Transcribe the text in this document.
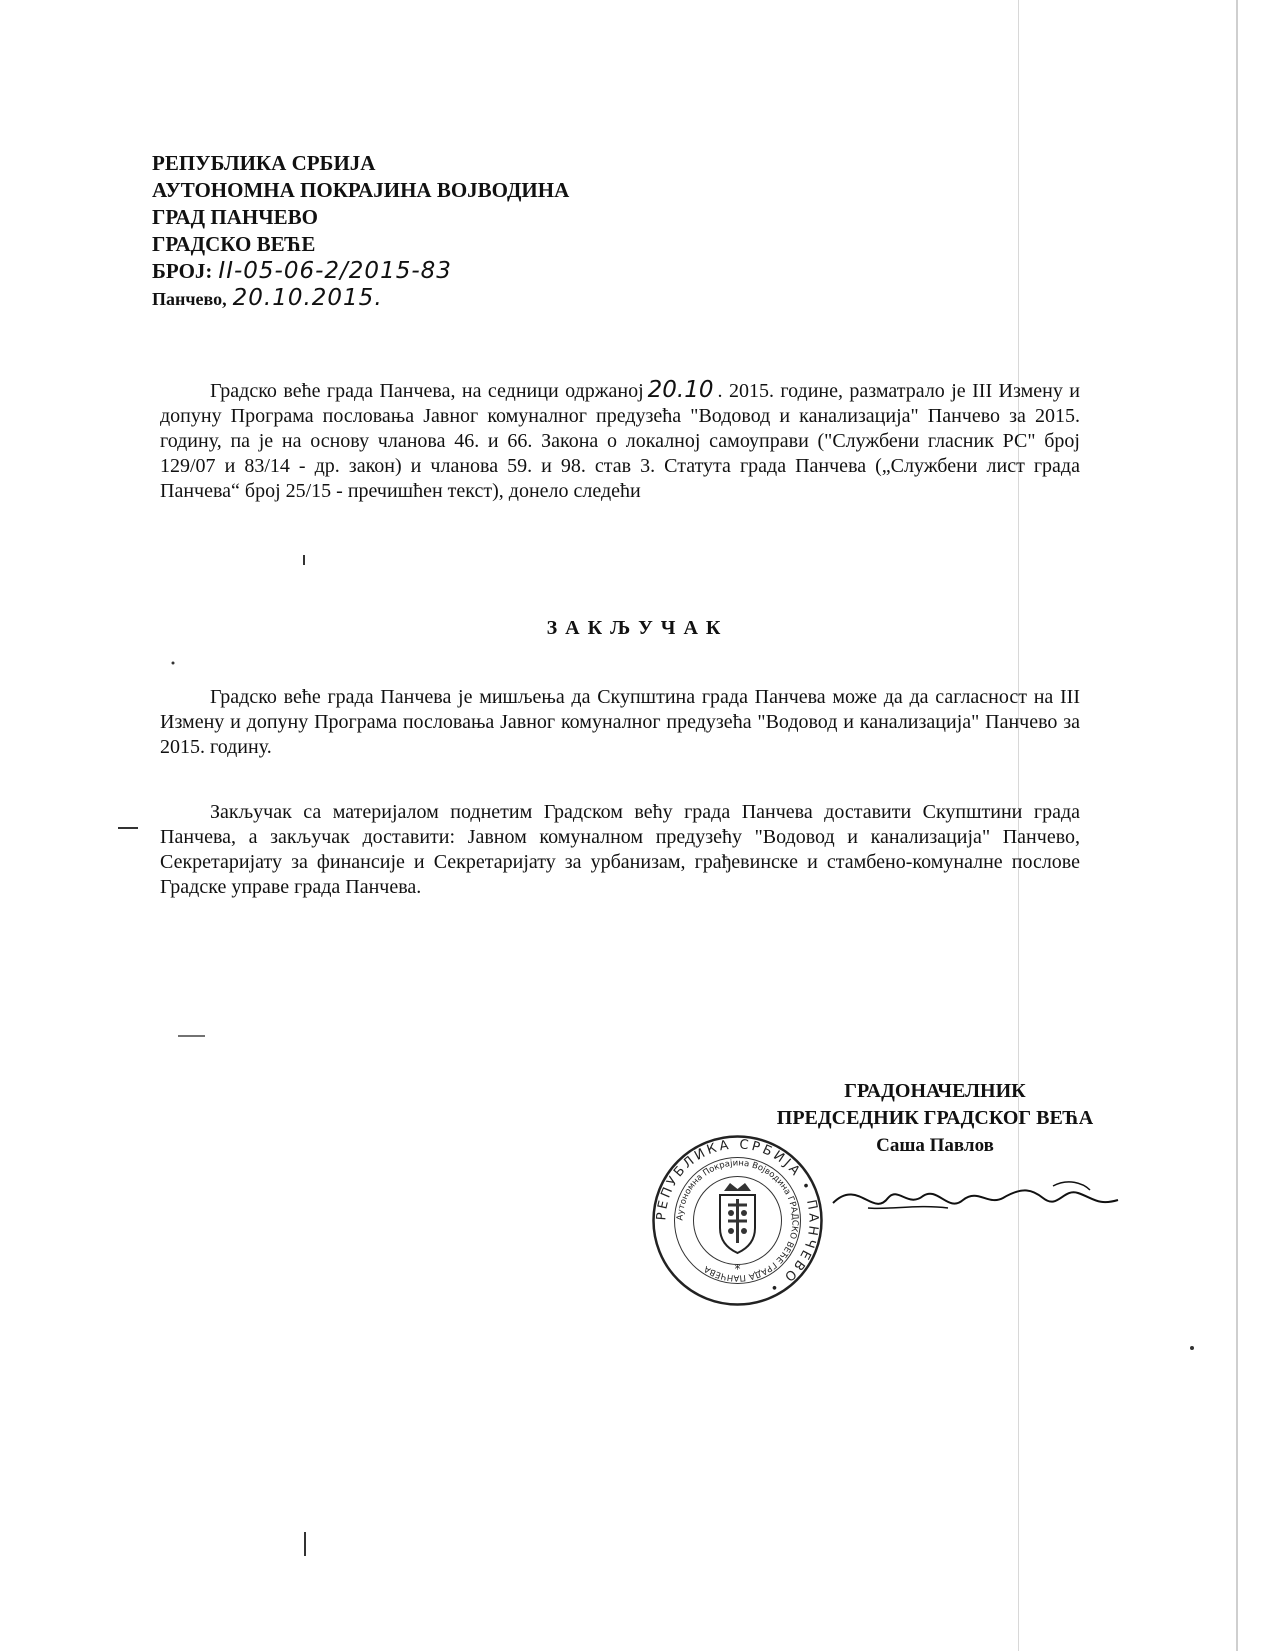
РЕПУБЛИКА СРБИЈА
АУТОНОМНА ПОКРАЈИНА ВОЈВОДИНА
ГРАД ПАНЧЕВО
ГРАДСКО ВЕЋЕ
БРОЈ: II-05-06-2/2015-83
Панчево, 20.10.2015.
Градско веће града Панчева, на седници одржаној 20.10 . 2015. године, разматрало је III Измену и допуну Програма пословања Јавног комуналног предузећа "Водовод и канализација" Панчево за 2015. годину, па је на основу чланова 46. и 66. Закона о локалној самоуправи ("Службени гласник РС" број 129/07 и 83/14 - др. закон) и чланова 59. и 98. став 3. Статута града Панчева („Службени лист града Панчева“ број 25/15 - пречишћен текст), донело следећи
ЗАКЉУЧАК
Градско веће града Панчева је мишљења да Скупштина града Панчева може да да сагласност на III Измену и допуну Програма пословања Јавног комуналног предузећа "Водовод и канализација" Панчево за 2015. годину.
Закључак са материјалом поднетим Градском већу града Панчева доставити Скупштини града Панчева, а закључак доставити: Јавном комуналном предузећу "Водовод и канализација" Панчево, Секретаријату за финансије и Секретаријату за урбанизам, грађевинске и стамбено-комуналне послове Градске управе града Панчева.
ГРАДОНАЧЕЛНИК
ПРЕДСЕДНИК ГРАДСКОГ ВЕЋА
Саша Павлов
РЕПУБЛИКА СРБИЈА • ПАНЧЕВО •
Аутономна Покрајина Војводина ГРАДСКО ВЕЋЕ ГРАДА ПАНЧЕВА	*
